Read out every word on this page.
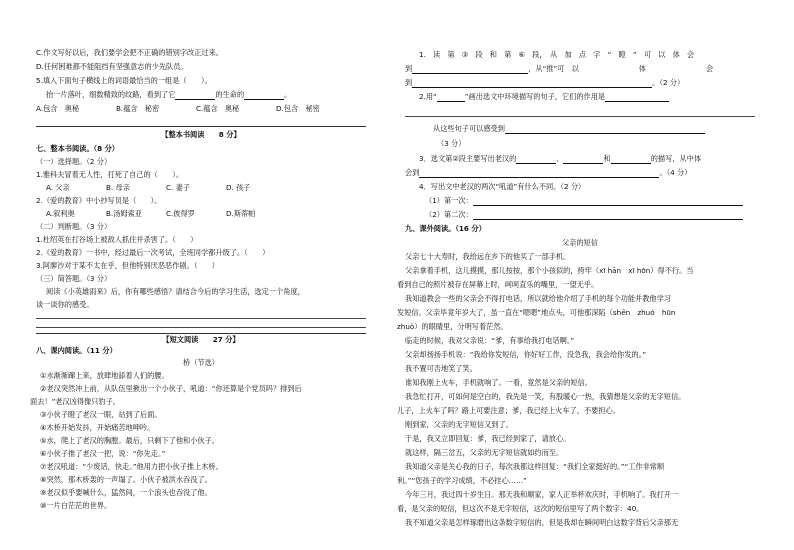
C.作文写好以后，我们要学会把不正确的错别字改正过来。
D.任何困难都不能阻挡有坚强意志的少先队员。
5.填入下面句子横线上的词语最恰当的一组是（　　）。
抬一片落叶，细数精致的纹路，看到了它	的生命的	。
A.包含　奥秘	B.蕴含　秘密	C.蕴含　奥秘	D.包含　秘密
【整本书阅读　　8 分】
七、整本书阅读。（8 分）
（一）选择题。（2 分）
1.雅科夫冒着无人性，打死了自己的（　　）。
A. 父亲	B. 母亲	C. 妻子	D. 孩子
2.《爱的教育》中小抄写员是（　　）。
A.叙利奥	B.汤姆索亚	C.彼得罗	D.斯蒂帕
（二）判断题。（3 分）
1.杜绍英在打谷场上被敌人抓住并杀害了。（　　）
2.《爱的教育》一书中，经过最后一次考试，全班同学都升级了。（　　）
3.阿廖沙对于某不太在乎，但他特别厌恶恶作剧。（　　）
（三）简答题。（3 分）
阅读《小英雄雨来》后，你有哪些感悟？请结合今后的学习生活，选定一个角度，
谈一谈你的感受。
【短文阅读　　27 分】
八、课内阅读。（11 分）
桥（节选）
①水渐渐蹿上来，放肆地舔着人们的腰。
②老汉突然冲上前，从队伍里揪出一个小伙子，吼道：“你还算是个党员吗？排到后
面去！”老汉凶得像只豹子。
③小伙子瞪了老汉一眼，站到了后面。
④木桥开始发抖，开始痛苦地呻吟。
⑤水，爬上了老汉的胸膛。最后，只剩下了他和小伙子。
⑥小伙子推了老汉一把，说：“你先走。”
⑦老汉吼道：“少废话，快走。”他用力把小伙子推上木桥。
⑧突然，那木桥轰的一声塌了。小伙子被洪水吞没了。
⑨老汉似乎要喊什么，猛然间，一个浪头也吞没了他。
⑩一片白茫茫的世界。
1.　读　第　③　段　和　第　⑥　段，　从　加　点　字　“　瞪　”　可　以　体　会
到	，从“推”可　以	体	会
到	。（2 分）
2.用“	”画出选文中环境描写的句子，它们的作用是
从这些句子可以感受到
（3 分）
3．选文第②段主要写出老汉的	、	和	的描写，从中体
会到	。（4 分）
4．写出文中老汉的两次“吼道”有什么不同。（2 分）
（1）第一次：
（2）第二次：
九、课外阅读。（16 分）
父亲的短信
父亲七十大寿时，我给远在乡下的他买了一部手机。
父亲拿着手机，这儿摸摸，那儿按按，那个小孩似的，挎牢（xī hān　xī hōn）得不行。当
看到自己的照片被存在屏幕上时，呵呵直乐的嘴里，一望无乎。
我知道教会一些的父亲会不得打电话，所以就给他介绍了手机的每个功能并教他学习
发短信。父亲毕竟年岁大了，虽一直在“嗯嗯”地点头，可他那深陷（shēn　zhuó　hūn
zhuò）的眼睛里，分明写着茫然。
临走的时候，我对父亲说：“爹，有事给我打电话啊。”
父亲却扬扬手机说：“我给你发短信，你好好工作，没急我，我会给你发的。”
我不置可否地笑了笑。
谁知我刚上火车，手机就响了。一看，竟然是父亲的短信。
我急忙打开，可如何是空白的，我先是一笑，有股暖心一热，我猜想是父亲的无字短信。
儿子，上火车了吗？路上可要注意；爹，我已经上火车了，不要担心。
刚到家，父亲的无字短信又到了。
于是，我又立即回复：爹，我已经到家了，请放心。
就这样，隔三岔五，父亲的无字短信就如约而至。
我知道父亲是关心我的日子，每次我都这样回复：“我们全家挺好的。”“工作非常顺
利。”“您孩子的学习成绩，不必挂心……”
今年三月，我过四十岁生日。那天我和顺家，家人正举杯欢庆时，手机响了。我打开一
看，是父亲的短信，但这次不是无字短信，这次的短信里写了两个数字：40。
我不知道父亲是怎样琢磨出这条数字短信的，但是我却在瞬间明白这数字背后父亲那无
